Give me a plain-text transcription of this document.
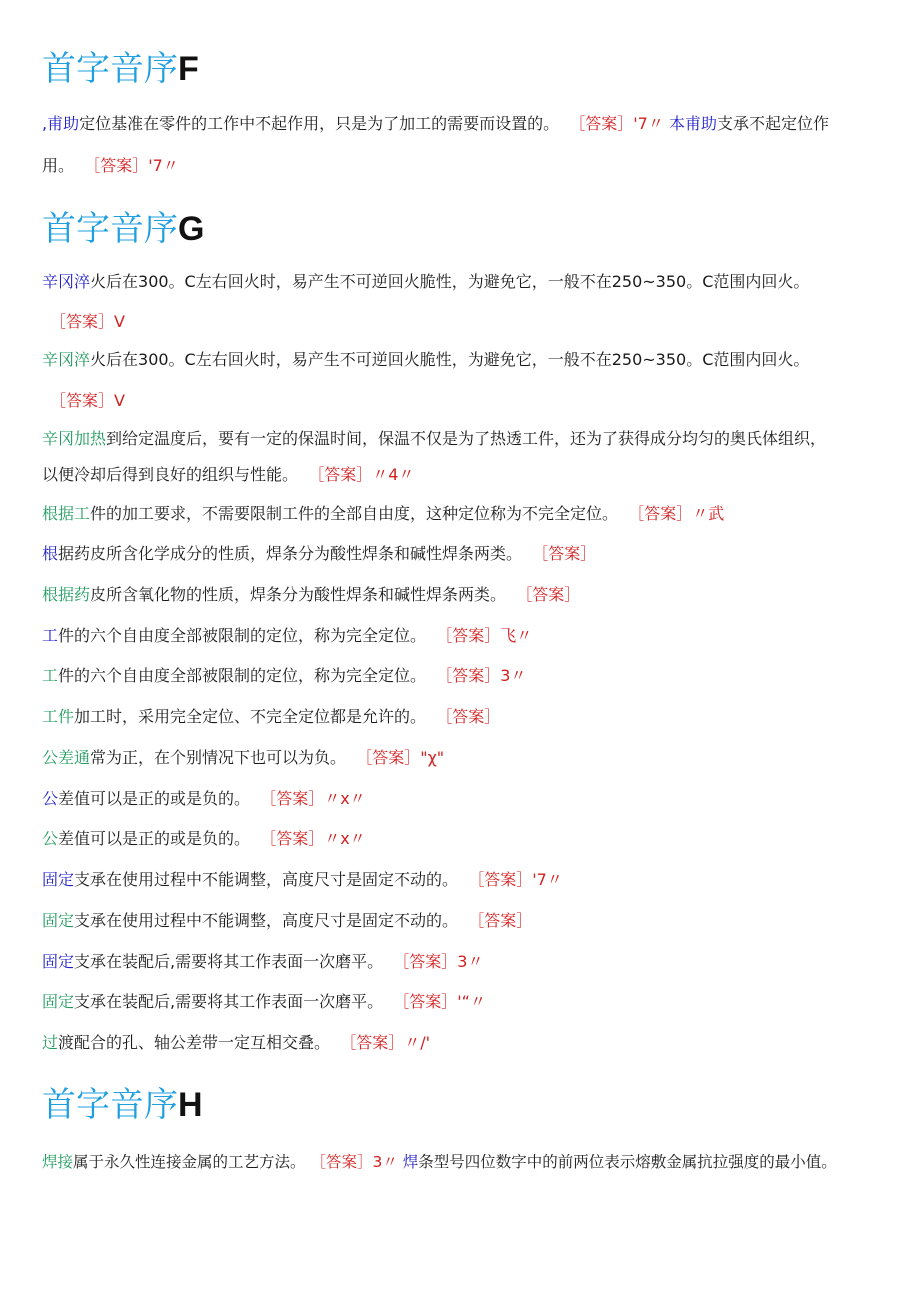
首字音序F

,甫助定位基准在零件的工作中不起作用，只是为了加工的需要而设置的。 ［答案］'7〃 本甫助支承不起定位作

用。 ［答案］'7〃

首字音序G

辛冈淬火后在300。C左右回火时，易产生不可逆回火脆性，为避免它，一般不在250~350。C范围内回火。

［答案］V

辛冈淬火后在300。C左右回火时，易产生不可逆回火脆性，为避免它，一般不在250~350。C范围内回火。

［答案］V

辛冈加热到给定温度后，要有一定的保温时间，保温不仅是为了热透工件，还为了获得成分均匀的奥氏体组织，

以便冷却后得到良好的组织与性能。 ［答案］〃4〃

根据工件的加工要求，不需要限制工件的全部自由度，这种定位称为不完全定位。 ［答案］〃武

根据药皮所含化学成分的性质，焊条分为酸性焊条和碱性焊条两类。 ［答案］

根据药皮所含氧化物的性质，焊条分为酸性焊条和碱性焊条两类。 ［答案］

工件的六个自由度全部被限制的定位，称为完全定位。 ［答案］飞〃

工件的六个自由度全部被限制的定位，称为完全定位。 ［答案］3〃

工件加工时，采用完全定位、不完全定位都是允许的。 ［答案］

公差通常为正，在个别情况下也可以为负。 ［答案］"χ"

公差值可以是正的或是负的。 ［答案］〃x〃

公差值可以是正的或是负的。 ［答案］〃x〃

固定支承在使用过程中不能调整，高度尺寸是固定不动的。 ［答案］'7〃

固定支承在使用过程中不能调整，高度尺寸是固定不动的。 ［答案］

固定支承在装配后,需要将其工作表面一次磨平。 ［答案］3〃

固定支承在装配后,需要将其工作表面一次磨平。 ［答案］'“〃

过渡配合的孔、轴公差带一定互相交叠。 ［答案］〃/'

首字音序H

焊接属于永久性连接金属的工艺方法。 ［答案］3〃 焊条型号四位数字中的前两位表示熔敷金属抗拉强度的最小值。
